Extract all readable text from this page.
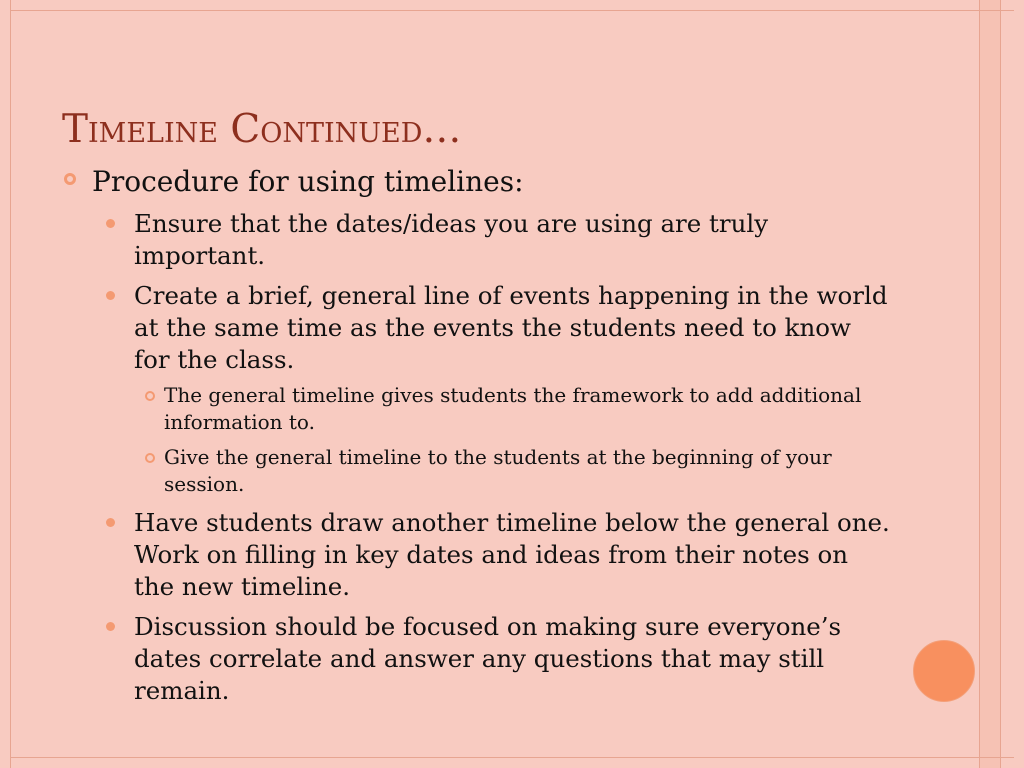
Timeline Continued…
Procedure for using timelines:
Ensure that the dates/ideas you are using are truly important.
Create a brief, general line of events happening in the world at the same time as the events the students need to know for the class.
The general timeline gives students the framework to add additional information to.
Give the general timeline to the students at the beginning of your session.
Have students draw another timeline below the general one. Work on filling in key dates and ideas from their notes on the new timeline.
Discussion should be focused on making sure everyone’s dates correlate and answer any questions that may still remain.
